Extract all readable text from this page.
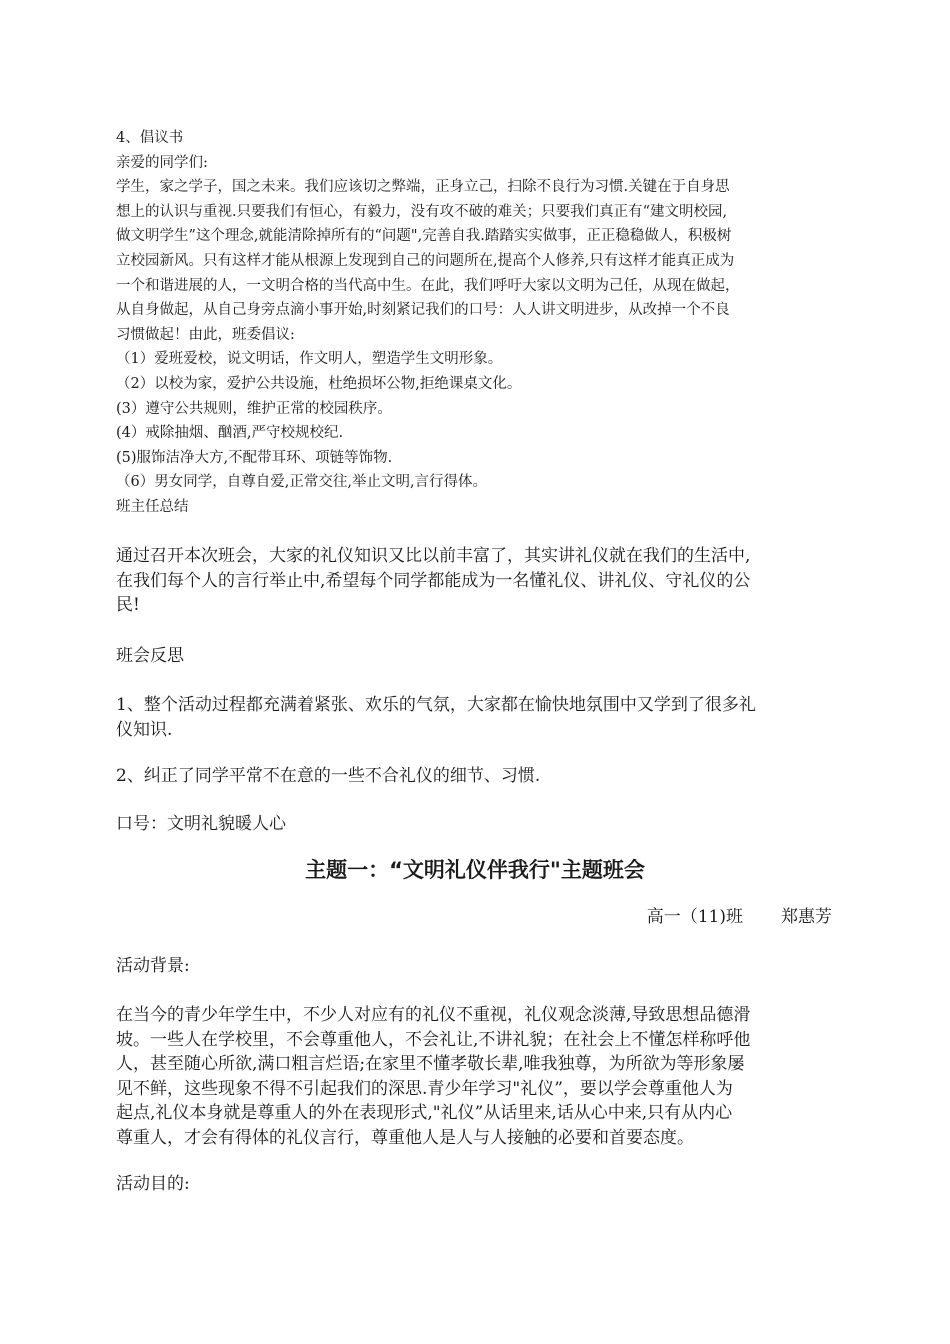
4、倡议书

亲爱的同学们:

学生，家之学子，国之未来。我们应该切之弊端，正身立己，扫除不良行为习惯.关键在于自身思

想上的认识与重视.只要我们有恒心，有毅力，没有攻不破的难关；只要我们真正有“建文明校园,

做文明学生”这个理念,就能清除掉所有的“问题",完善自我.踏踏实实做事，正正稳稳做人，积极树

立校园新风。只有这样才能从根源上发现到自己的问题所在,提高个人修养,只有这样才能真正成为

一个和谐进展的人，一文明合格的当代高中生。在此，我们呼吁大家以文明为己任，从现在做起，

从自身做起，从自己身旁点滴小事开始,时刻紧记我们的口号：人人讲文明进步，从改掉一个不良

习惯做起！由此，班委倡议:

（1）爱班爱校，说文明话，作文明人，塑造学生文明形象。

（2）以校为家，爱护公共设施，杜绝损坏公物,拒绝课桌文化。

(3）遵守公共规则，维护正常的校园秩序。

(4）戒除抽烟、酗酒,严守校规校纪.

(5)服饰洁净大方,不配带耳环、项链等饰物.

（6）男女同学，自尊自爱,正常交往,举止文明,言行得体。

班主任总结

通过召开本次班会，大家的礼仪知识又比以前丰富了，其实讲礼仪就在我们的生活中,

在我们每个人的言行举止中,希望每个同学都能成为一名懂礼仪、讲礼仪、守礼仪的公

民!

班会反思

1、整个活动过程都充满着紧张、欢乐的气氛，大家都在愉快地氛围中又学到了很多礼

仪知识.

2、纠正了同学平常不在意的一些不合礼仪的细节、习惯.

口号：文明礼貌暖人心

主题一：“文明礼仪伴我行"主题班会

高一（11)班 郑惠芳

活动背景:

在当今的青少年学生中，不少人对应有的礼仪不重视，礼仪观念淡薄,导致思想品德滑

坡。一些人在学校里，不会尊重他人，不会礼让,不讲礼貌；在社会上不懂怎样称呼他

人，甚至随心所欲,满口粗言烂语;在家里不懂孝敬长辈,唯我独尊，为所欲为等形象屡

见不鲜，这些现象不得不引起我们的深思.青少年学习"礼仪”，要以学会尊重他人为

起点,礼仪本身就是尊重人的外在表现形式,"礼仪”从话里来,话从心中来,只有从内心

尊重人，才会有得体的礼仪言行，尊重他人是人与人接触的必要和首要态度。

活动目的:
